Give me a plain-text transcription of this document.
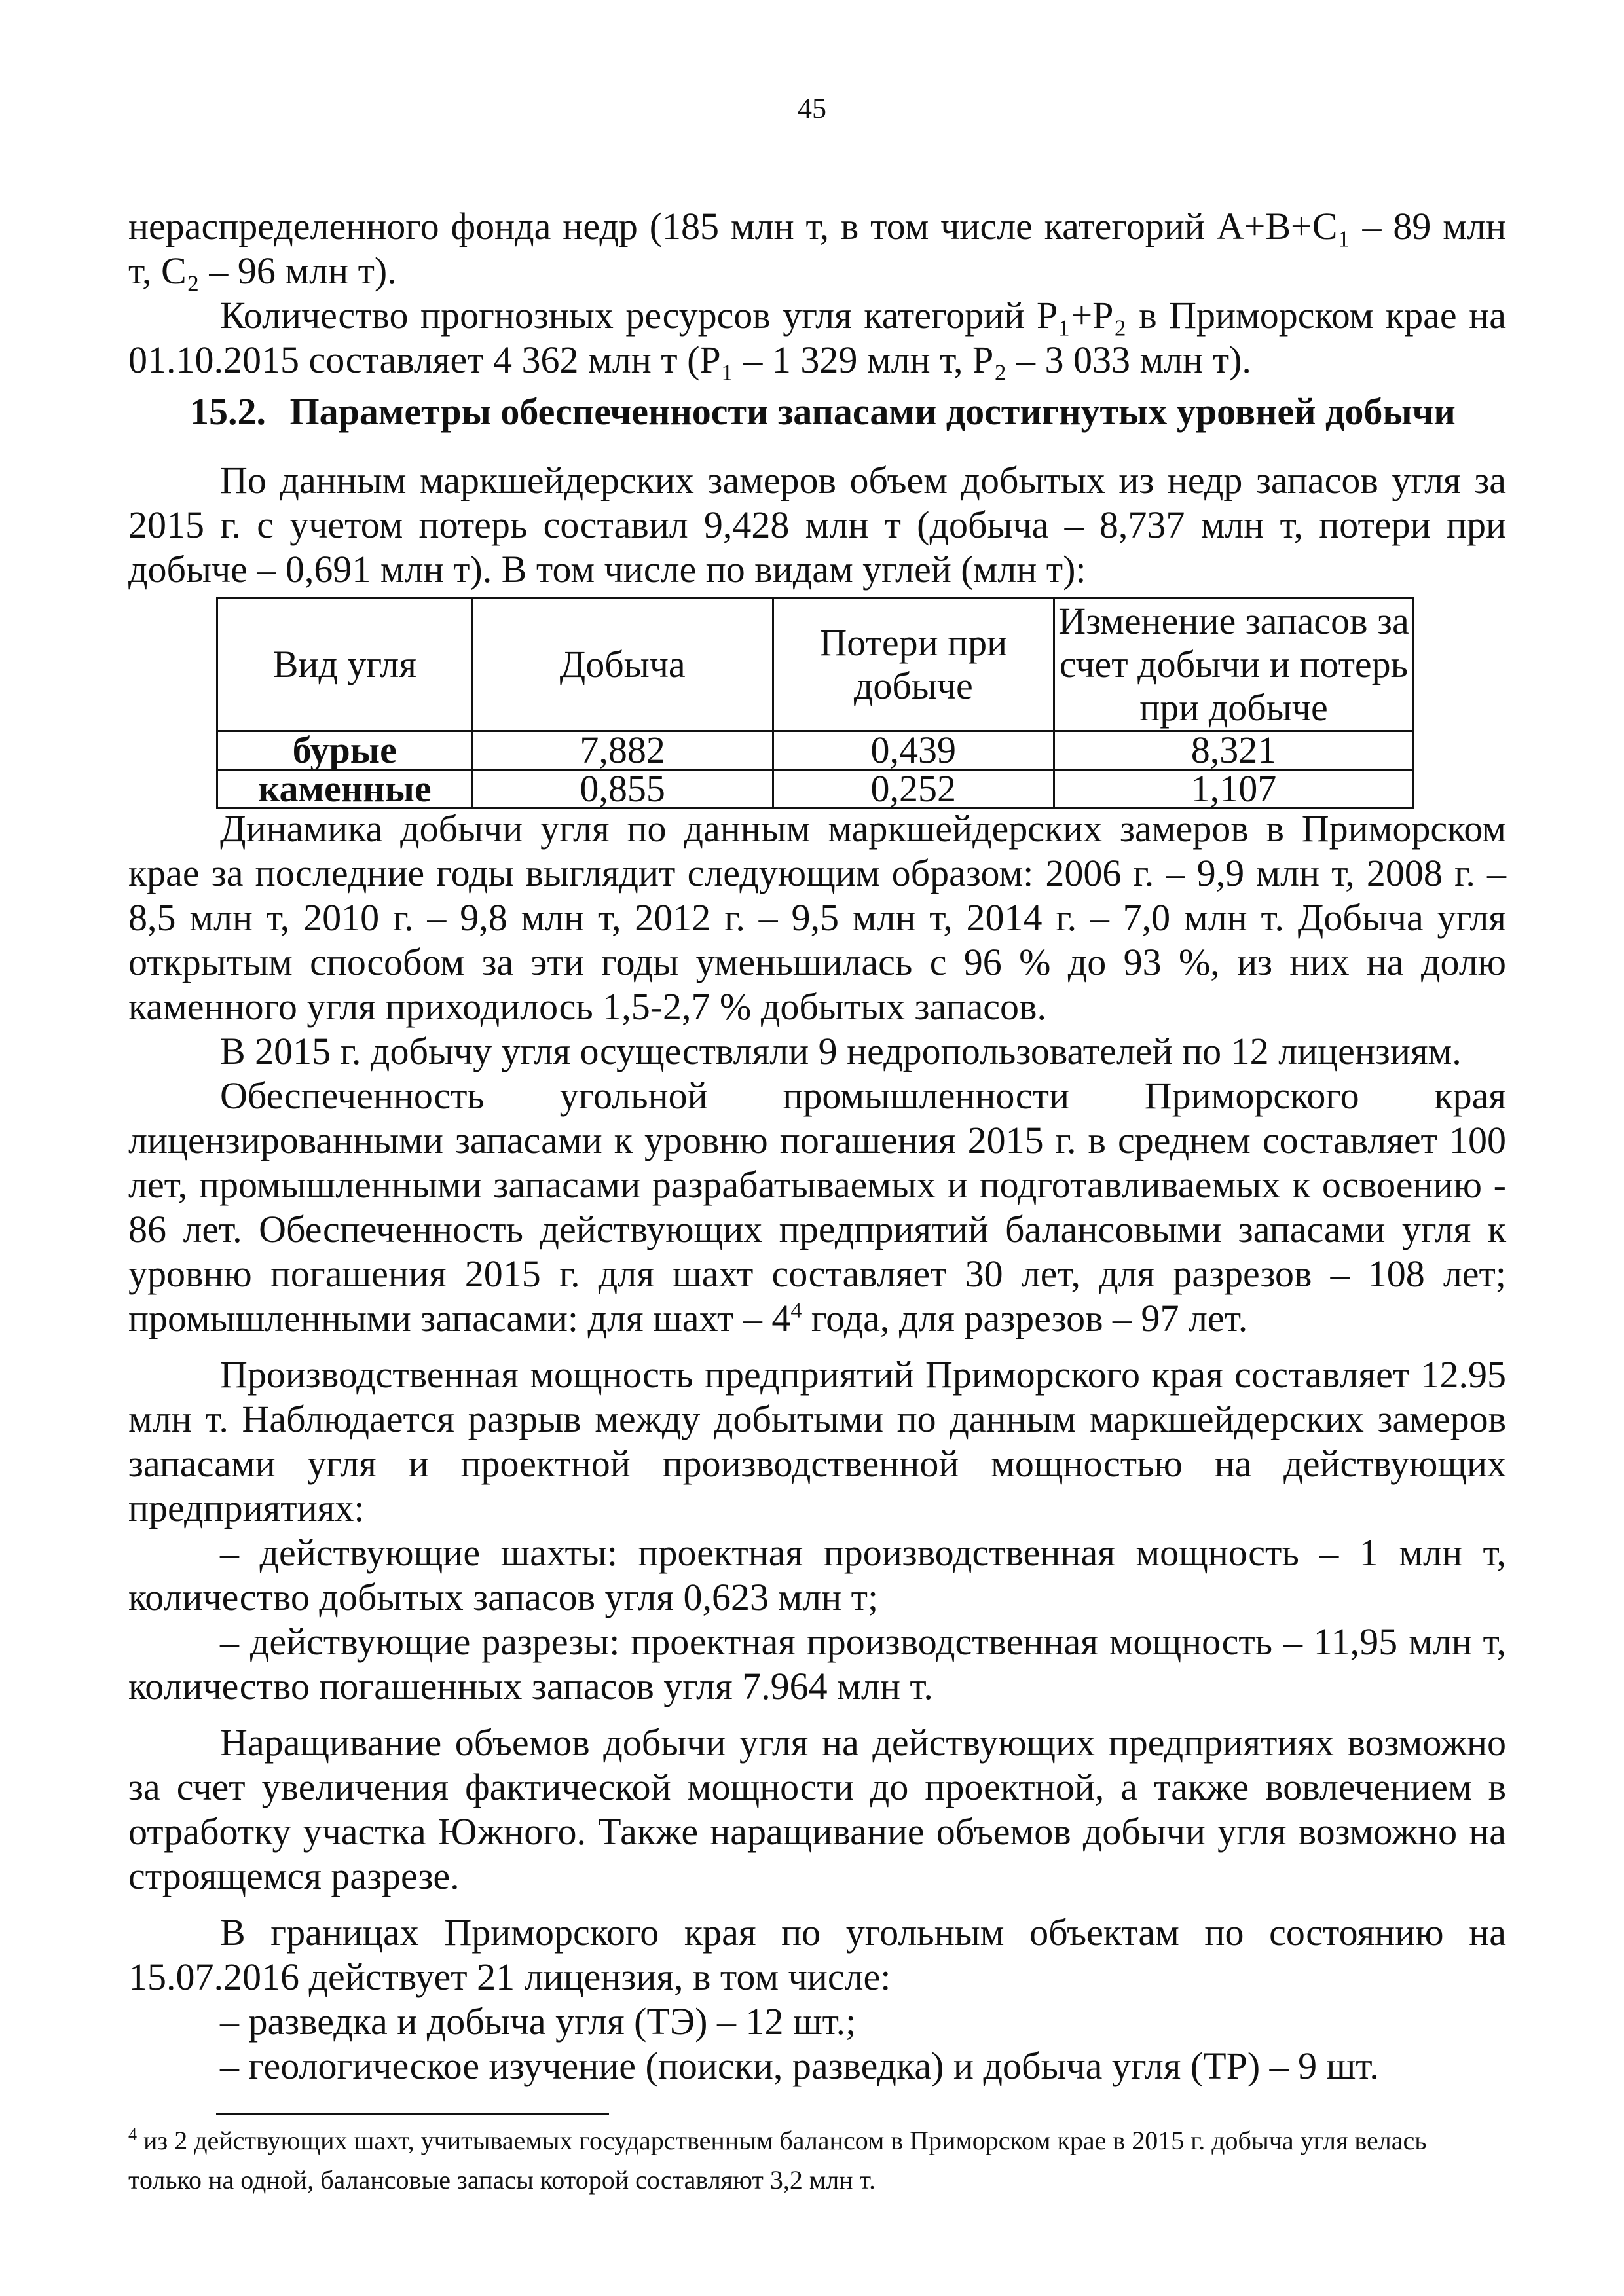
45

нераспределенного фонда недр (185 млн т, в том числе категорий А+В+С₁ – 89 млн т, С₂ – 96 млн т).

Количество прогнозных ресурсов угля категорий Р₁+Р₂ в Приморском крае на 01.10.2015 составляет 4 362 млн т (Р₁ – 1 329 млн т, Р₂ – 3 033 млн т).

15.2. Параметры обеспеченности запасами достигнутых уровней добычи

По данным маркшейдерских замеров объем добытых из недр запасов угля за 2015 г. с учетом потерь составил 9,428 млн т (добыча – 8,737 млн т, потери при добыче – 0,691 млн т). В том числе по видам углей (млн т):

Вид угля	Добыча	Потери при добыче	Изменение запасов за счет добычи и потерь при добыче
бурые	7,882	0,439	8,321
каменные	0,855	0,252	1,107

Динамика добычи угля по данным маркшейдерских замеров в Приморском крае за последние годы выглядит следующим образом: 2006 г. – 9,9 млн т, 2008 г. – 8,5 млн т, 2010 г. – 9,8 млн т, 2012 г. – 9,5 млн т, 2014 г. – 7,0 млн т. Добыча угля открытым способом за эти годы уменьшилась с 96 % до 93 %, из них на долю каменного угля приходилось 1,5-2,7 % добытых запасов.

В 2015 г. добычу угля осуществляли 9 недропользователей по 12 лицензиям.

Обеспеченность угольной промышленности Приморского края лицензированными запасами к уровню погашения 2015 г. в среднем составляет 100 лет, промышленными запасами разрабатываемых и подготавливаемых к освоению - 86 лет. Обеспеченность действующих предприятий балансовыми запасами угля к уровню погашения 2015 г. для шахт составляет 30 лет, для разрезов – 108 лет; промышленными запасами: для шахт – $4^4$ года, для разрезов – 97 лет.

Производственная мощность предприятий Приморского края составляет 12.95 млн т. Наблюдается разрыв между добытыми по данным маркшейдерских замеров запасами угля и проектной производственной мощностью на действующих предприятиях:

– действующие шахты: проектная производственная мощность – 1 млн т, количество добытых запасов угля 0,623 млн т;

– действующие разрезы: проектная производственная мощность – 11,95 млн т, количество погашенных запасов угля 7.964 млн т.

Наращивание объемов добычи угля на действующих предприятиях возможно за счет увеличения фактической мощности до проектной, а также вовлечением в отработку участка Южного. Также наращивание объемов добычи угля возможно на строящемся разрезе.

В границах Приморского края по угольным объектам по состоянию на 15.07.2016 действует 21 лицензия, в том числе:

– разведка и добыча угля (ТЭ) – 12 шт.;

– геологическое изучение (поиски, разведка) и добыча угля (ТР) – 9 шт.

$^4$ из 2 действующих шахт, учитываемых государственным балансом в Приморском крае в 2015 г. добыча угля велась только на одной, балансовые запасы которой составляют 3,2 млн т.
